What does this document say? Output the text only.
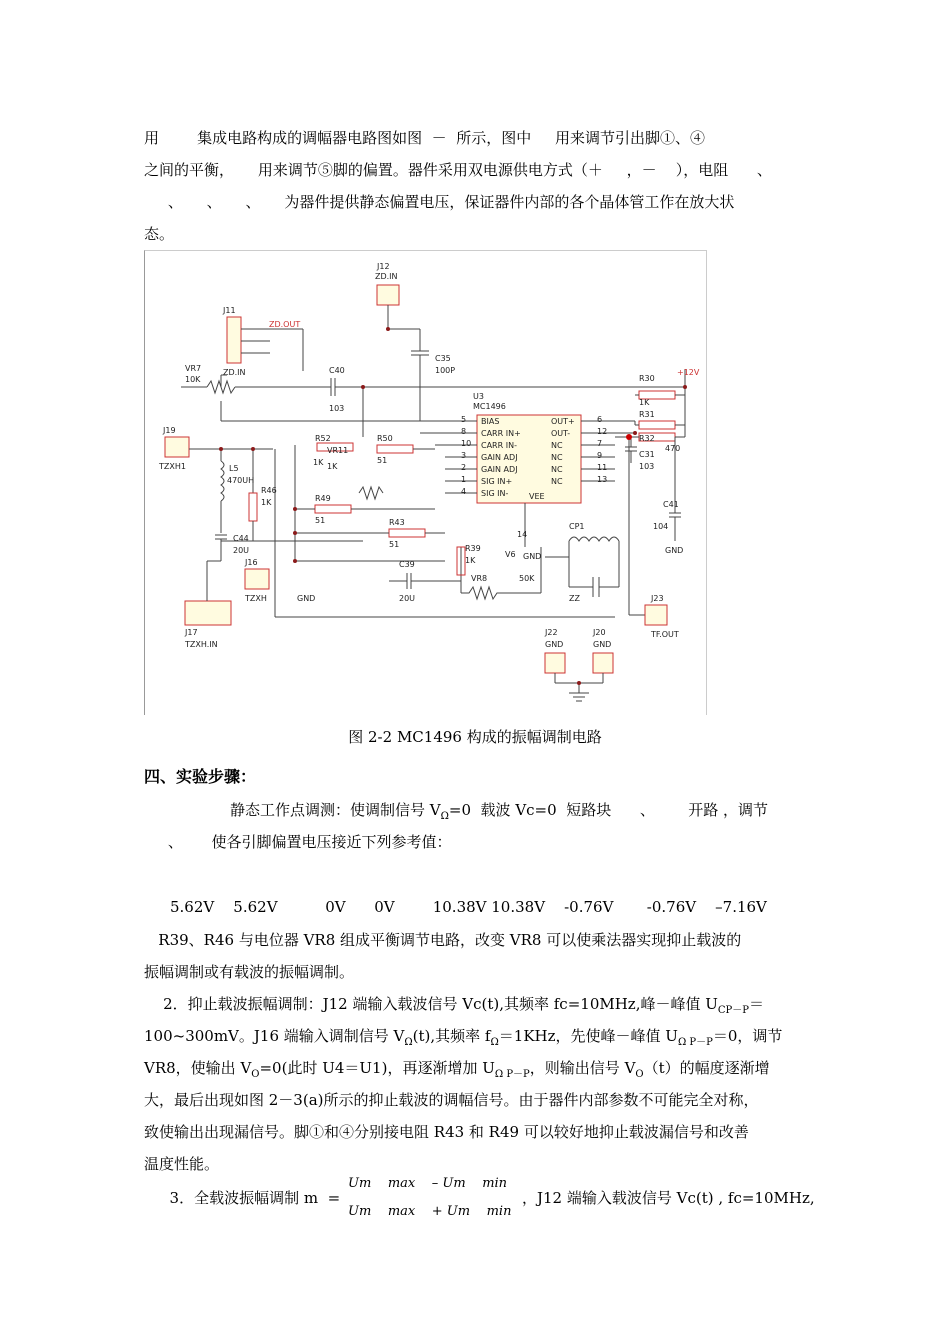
用        集成电路构成的调幅器电路图如图  －  所示，图中     用来调节引出脚①、④
之间的平衡，     用来调节⑤脚的偏置。器件采用双电源供电方式（＋     ，－    ），电阻      、
、     、     、     为器件提供静态偏置电压，保证器件内部的各个晶体管工作在放大状
态。
J12
ZD.IN
J11
ZD.OUT
ZD.IN
C35
100P
VR7
10K
C40
103
U3
MC1496
R30
1K
+12V
R31
R32
470
C31
103
C41
104
GND
J19
TZXH1	L5
470UH
R46
1K
R52
1K
VR11
1K
R50
51
R49
51	R43
51
C44
20U
J16
TZXH
J17
TZXH.IN
GND
C39
20U
R39
1K
VR8	50K
CP1
GND
ZZ	J23
TF.OUT
J22
GND
J20
GND
VEE
V6
14
BIAS
5
CARR IN+
8
CARR IN-
10
GAIN ADJ
3
GAIN ADJ
2
SIG IN+
1
SIG IN-
4
OUT+	6
OUT-	12
NC	7
NC	9
NC	11
NC	13
图 2-2 MC1496 构成的振幅调制电路
四、实验步骤：
静态工作点调测：使调制信号 $V_\Omega=0$  载波 Vc=0  短路块      、       开路 ，调节
、      使各引脚偏置电压接近下列参考值：
5.62V    5.62V          0V      0V        10.38V 10.38V    -0.76V       -0.76V    –7.16V
R39、R46 与电位器 VR8 组成平衡调节电路，改变 VR8 可以使乘法器实现抑止载波的
振幅调制或有载波的振幅调制。
2．抑止载波振幅调制：J12 端输入载波信号 Vc(t),其频率 fc=10MHz,峰－峰值 $U_{CP-P}=$
100~300mV。J16 端输入调制信号 $V_\Omega(t)$,其频率 $f_\Omega=1KHz$，先使峰－峰值 $U_{\Omega P-P}=0$，调节
VR8，使输出 $V_O=0$(此时 U4＝U1)，再逐渐增加 $U_{\Omega P-P}$，则输出信号 $V_O(t)$的幅度逐渐增
大，最后出现如图 2－3(a)所示的抑止载波的调幅信号。由于器件内部参数不可能完全对称，
致使输出出现漏信号。脚①和④分别接电阻 R43 和 R49 可以较好地抑止载波漏信号和改善
温度性能。
3．全载波振幅调制 m  =
Um    max    – Um    min
Um    max    + Um    min
，J12 端输入载波信号 Vc(t) , fc=10MHz,
